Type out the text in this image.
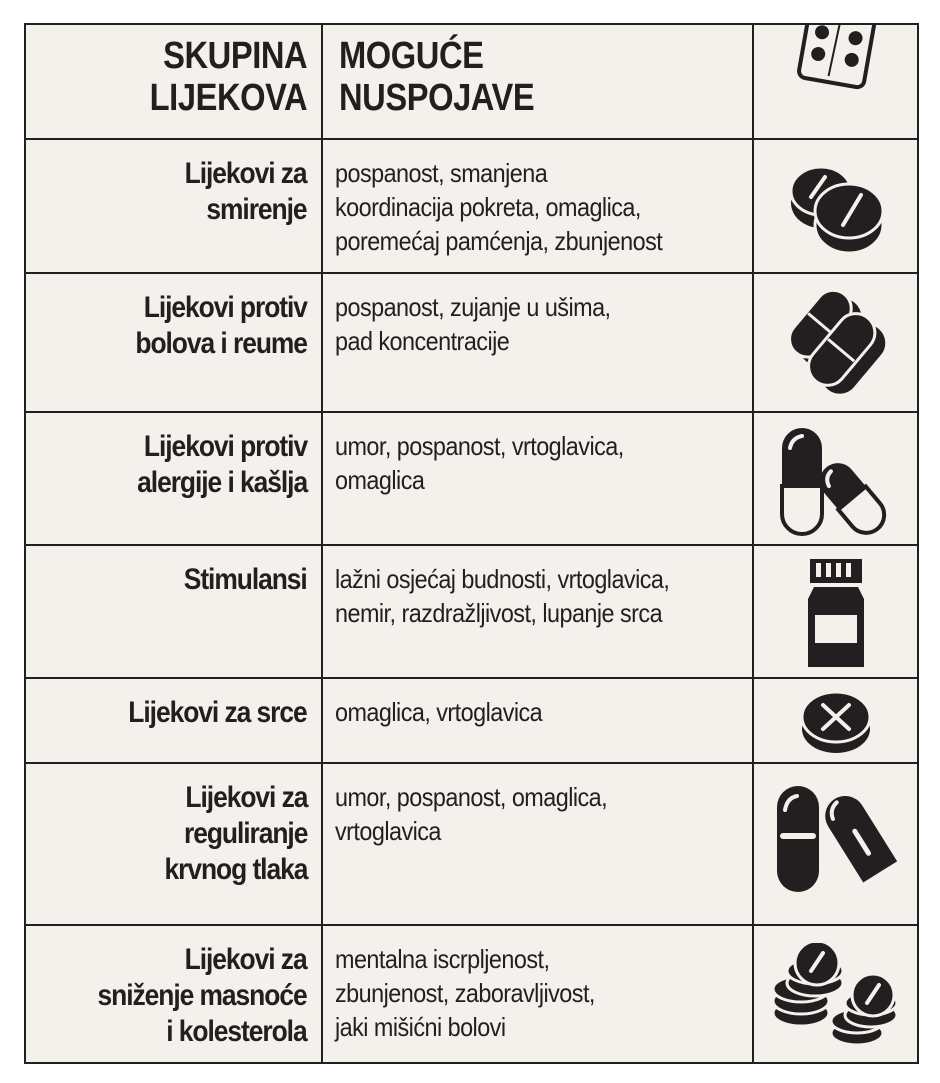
SKUPINA
LIJEKOVA
MOGUĆE
NUSPOJAVE
Lijekovi za
smirenje
pospanost, smanjena
koordinacija pokreta, omaglica,
poremećaj pamćenja, zbunjenost
Lijekovi protiv
bolova i reume
pospanost, zujanje u ušima,
pad koncentracije
Lijekovi protiv
alergije i kašlja
umor, pospanost, vrtoglavica,
omaglica
Stimulansi lažni osjećaj budnosti, vrtoglavica,
nemir, razdražljivost, lupanje srca
Lijekovi za srce omaglica, vrtoglavica
Lijekovi za
reguliranje
krvnog tlaka
umor, pospanost, omaglica,
vrtoglavica
Lijekovi za
sniženje masnoće
i kolesterola
mentalna iscrpljenost,
zbunjenost, zaboravljivost,
jaki mišićni bolovi
